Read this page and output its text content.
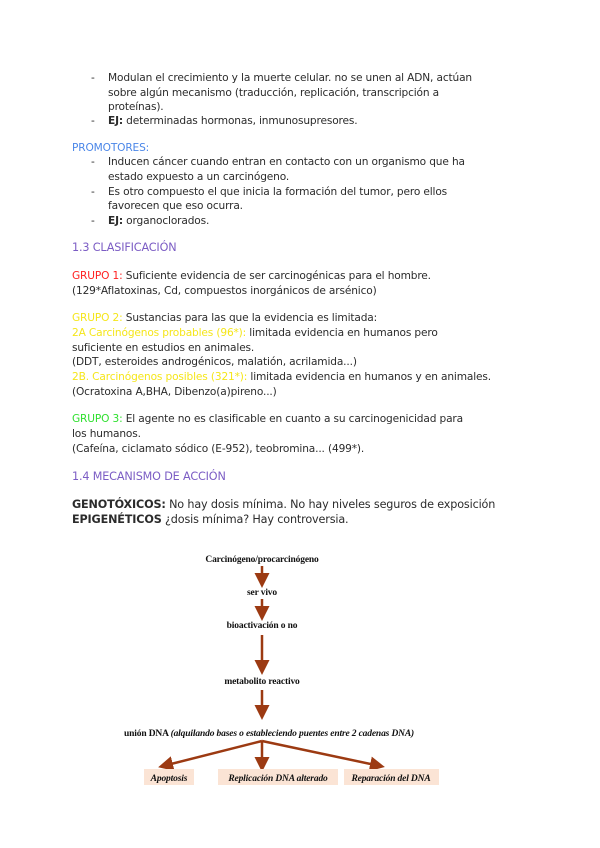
- Modulan el crecimiento y la muerte celular. no se unen al ADN, actúan
sobre algún mecanismo (traducción, replicación, transcripción a
proteínas).
- EJ: determinadas hormonas, inmunosupresores.
PROMOTORES:
- Inducen cáncer cuando entran en contacto con un organismo que ha
estado expuesto a un carcinógeno.
- Es otro compuesto el que inicia la formación del tumor, pero ellos
favorecen que eso ocurra.
- EJ: organoclorados.
1.3 CLASIFICACIÓN
GRUPO 1: Suficiente evidencia de ser carcinogénicas para el hombre.
(129*Aflatoxinas, Cd, compuestos inorgánicos de arsénico)
GRUPO 2: Sustancias para las que la evidencia es limitada:
2A Carcinógenos probables (96*): limitada evidencia en humanos pero
suficiente en estudios en animales.
(DDT, esteroides androgénicos, malatión, acrilamida...)
2B. Carcinógenos posibles (321*): limitada evidencia en humanos y en animales.
(Ocratoxina A,BHA, Dibenzo(a)pireno...)
GRUPO 3: El agente no es clasificable en cuanto a su carcinogenicidad para
los humanos.
(Cafeína, ciclamato sódico (E-952), teobromina... (499*).
1.4 MECANISMO DE ACCIÓN
GENOTÓXICOS: No hay dosis mínima. No hay niveles seguros de exposición
EPIGENÉTICOS ¿dosis mínima? Hay controversia.
Carcinógeno/procarcinógeno
ser vivo
bioactivación o no
metabolito reactivo
unión DNA (alquilando bases o estableciendo puentes entre 2 cadenas DNA)
Apoptosis	Replicación DNA alterado	Reparación del DNA
